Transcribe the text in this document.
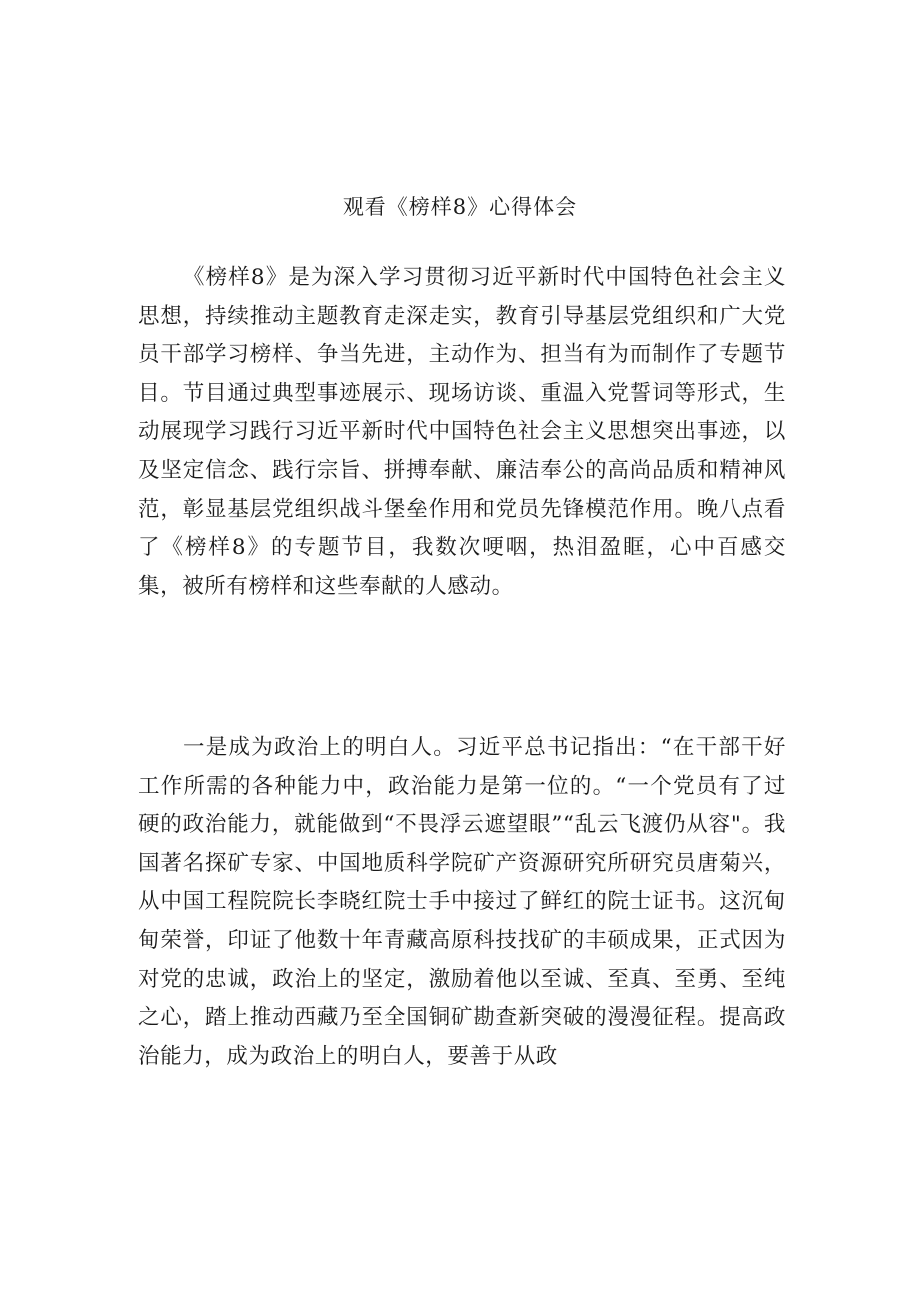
观看《榜样8》心得体会

《榜样8》是为深入学习贯彻习近平新时代中国特色社会主义思想，持续推动主题教育走深走实，教育引导基层党组织和广大党员干部学习榜样、争当先进，主动作为、担当有为而制作了专题节目。节目通过典型事迹展示、现场访谈、重温入党誓词等形式，生动展现学习践行习近平新时代中国特色社会主义思想突出事迹，以及坚定信念、践行宗旨、拼搏奉献、廉洁奉公的高尚品质和精神风范，彰显基层党组织战斗堡垒作用和党员先锋模范作用。晚八点看了《榜样8》的专题节目，我数次哽咽，热泪盈眶，心中百感交集，被所有榜样和这些奉献的人感动。

一是成为政治上的明白人。习近平总书记指出：“在干部干好工作所需的各种能力中，政治能力是第一位的。“一个党员有了过硬的政治能力，就能做到“不畏浮云遮望眼”“乱云飞渡仍从容"。我国著名探矿专家、中国地质科学院矿产资源研究所研究员唐菊兴，从中国工程院院长李晓红院士手中接过了鲜红的院士证书。这沉甸甸荣誉，印证了他数十年青藏高原科技找矿的丰硕成果，正式因为对党的忠诚，政治上的坚定，激励着他以至诚、至真、至勇、至纯之心，踏上推动西藏乃至全国铜矿勘查新突破的漫漫征程。提高政治能力，成为政治上的明白人，要善于从政
